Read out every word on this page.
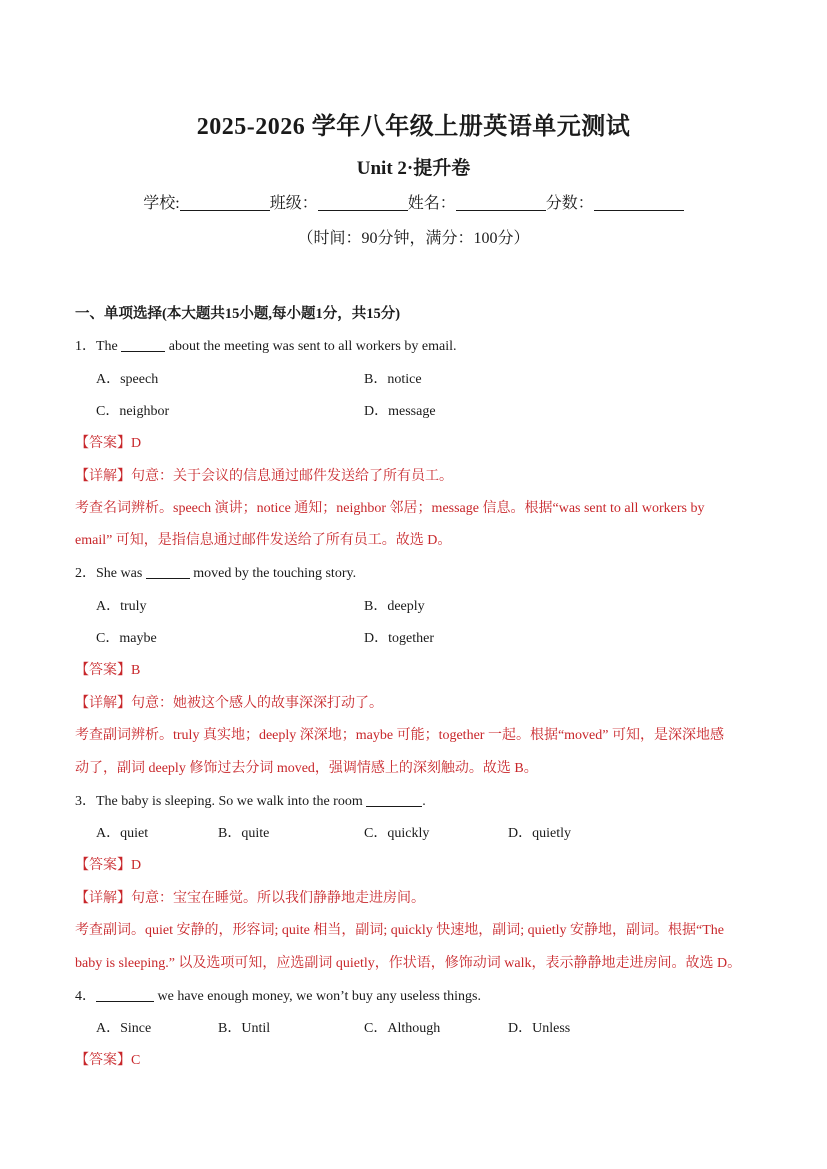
2025-2026 学年八年级上册英语单元测试
Unit 2·提升卷
学校:	班级：	姓名：	分数：
（时间：90分钟，满分：100分）
一、单项选择(本大题共15小题,每小题1分，共15分)
1．The	about the meeting was sent to all workers by email.
A．speech	B．notice
C．neighbor	D．message
【答案】D
【详解】句意：关于会议的信息通过邮件发送给了所有员工。
考查名词辨析。speech 演讲；notice 通知；neighbor 邻居；message 信息。根据“was sent to all workers by
email” 可知，是指信息通过邮件发送给了所有员工。故选 D。
2．She was	moved by the touching story.
A．truly	B．deeply
C．maybe	D．together
【答案】B
【详解】句意：她被这个感人的故事深深打动了。
考查副词辨析。truly 真实地；deeply 深深地；maybe 可能；together 一起。根据“moved” 可知，是深深地感
动了，副词 deeply 修饰过去分词 moved，强调情感上的深刻触动。故选 B。
3．The baby is sleeping. So we walk into the room	.
A．quiet	B．quite	C．quickly	D．quietly
【答案】D
【详解】句意：宝宝在睡觉。所以我们静静地走进房间。
考查副词。quiet 安静的，形容词; quite 相当，副词; quickly 快速地，副词; quietly 安静地，副词。根据“The
baby is sleeping.” 以及选项可知，应选副词 quietly，作状语，修饰动词 walk，表示静静地走进房间。故选 D。
4．	we have enough money, we won’t buy any useless things.
A．Since	B．Until	C．Although	D．Unless
【答案】C
